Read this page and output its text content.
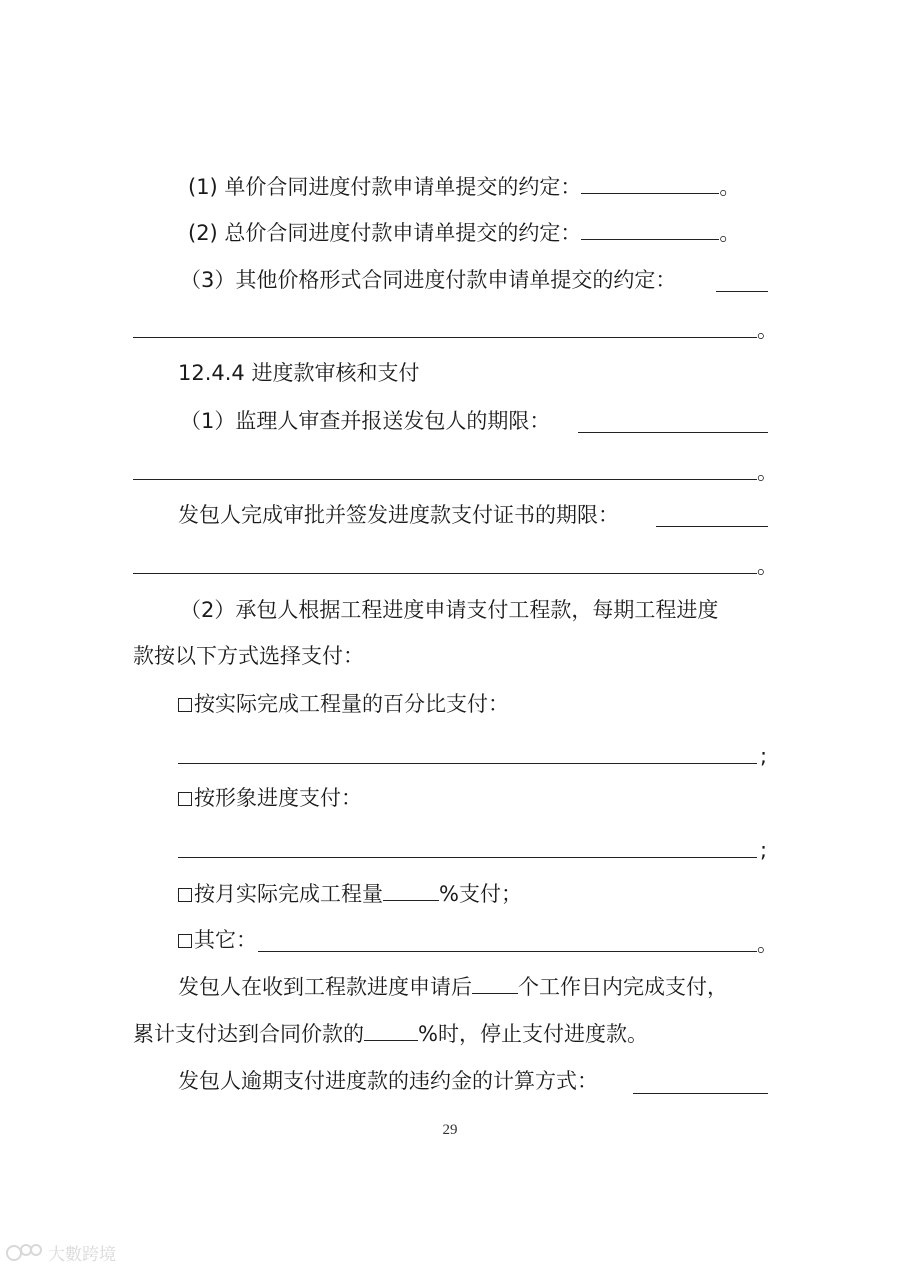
(1) 单价合同进度付款申请单提交的约定：	。
(2) 总价合同进度付款申请单提交的约定：	。
（3）其他价格形式合同进度付款申请单提交的约定：
。
12.4.4 进度款审核和支付
（1）监理人审查并报送发包人的期限：
。
发包人完成审批并签发进度款支付证书的期限：
。
（2）承包人根据工程进度申请支付工程款，每期工程进度
款按以下方式选择支付：
按实际完成工程量的百分比支付：
;
按形象进度支付：
;
按月实际完成工程量	%支付；
其它：	。
发包人在收到工程款进度申请后 个工作日内完成支付，
累计支付达到合同价款的	%时，停止支付进度款。
发包人逾期支付进度款的违约金的计算方式：
29
大數跨境
